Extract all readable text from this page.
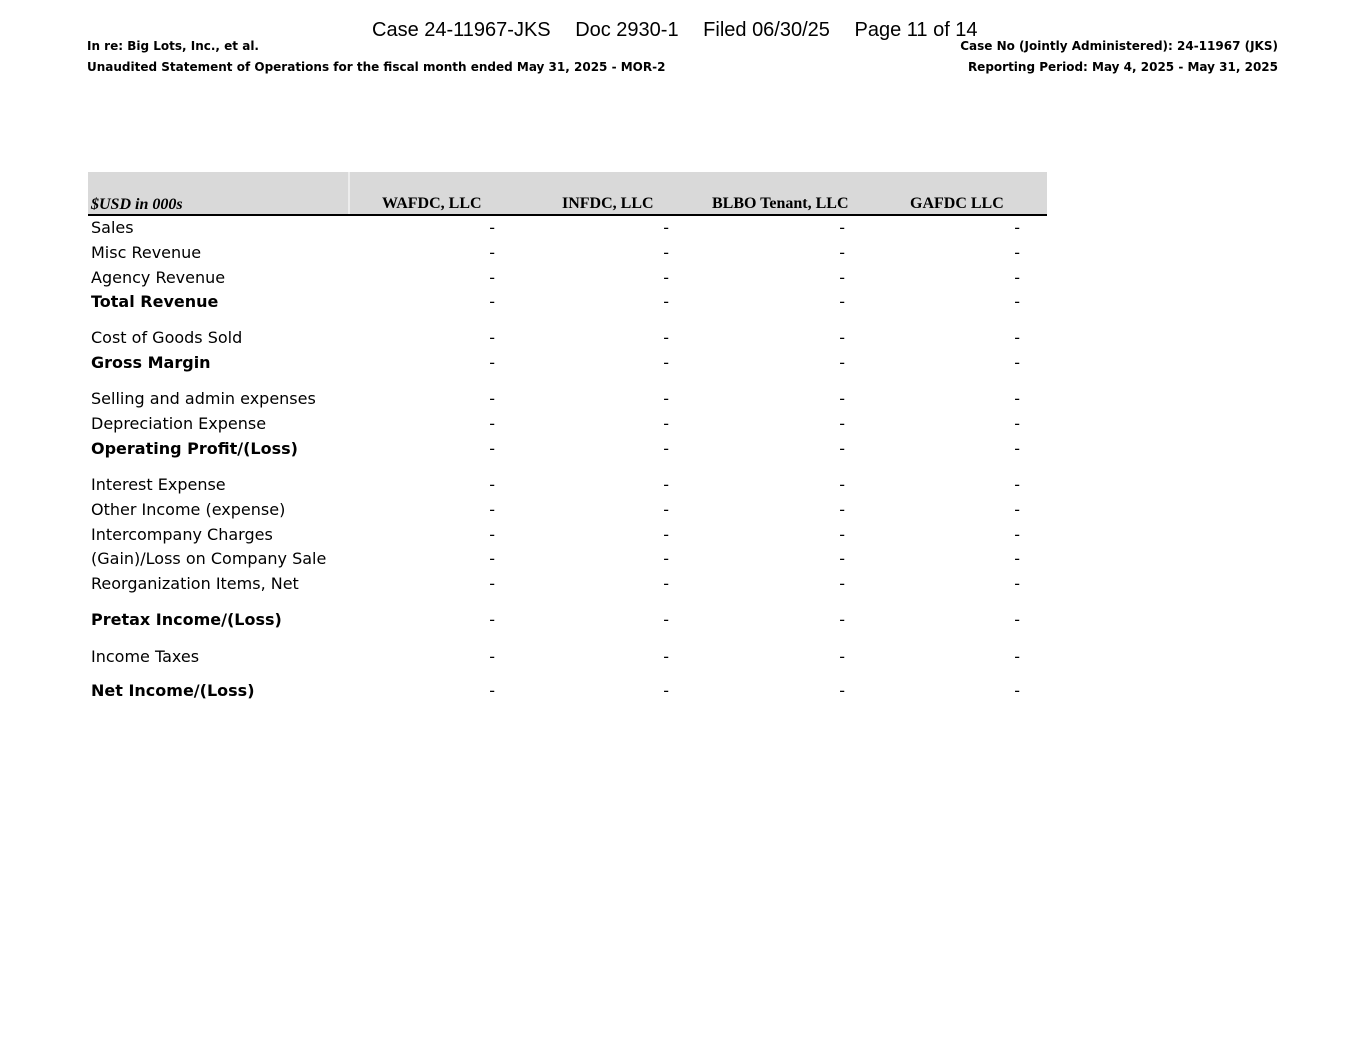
Case 24-11967-JKS Doc 2930-1 Filed 06/30/25 Page 11 of 14
In re: Big Lots, Inc., et al.
Unaudited Statement of Operations for the fiscal month ended May 31, 2025 - MOR-2
Case No (Jointly Administered): 24-11967 (JKS)
Reporting Period: May 4, 2025 - May 31, 2025
$USD in 000s	WAFDC, LLC	INFDC, LLC	BLBO Tenant, LLC	GAFDC LLC
Sales	-	-	-	-
Misc Revenue	-	-	-	-
Agency Revenue	-	-	-	-
Total Revenue	-	-	-	-
Cost of Goods Sold	-	-	-	-
Gross Margin	-	-	-	-
Selling and admin expenses	-	-	-	-
Depreciation Expense	-	-	-	-
Operating Profit/(Loss)	-	-	-	-
Interest Expense	-	-	-	-
Other Income (expense)	-	-	-	-
Intercompany Charges	-	-	-	-
(Gain)/Loss on Company Sale	-	-	-	-
Reorganization Items, Net	-	-	-	-
Pretax Income/(Loss)	-	-	-	-
Income Taxes	-	-	-	-
Net Income/(Loss)	-	-	-	-
